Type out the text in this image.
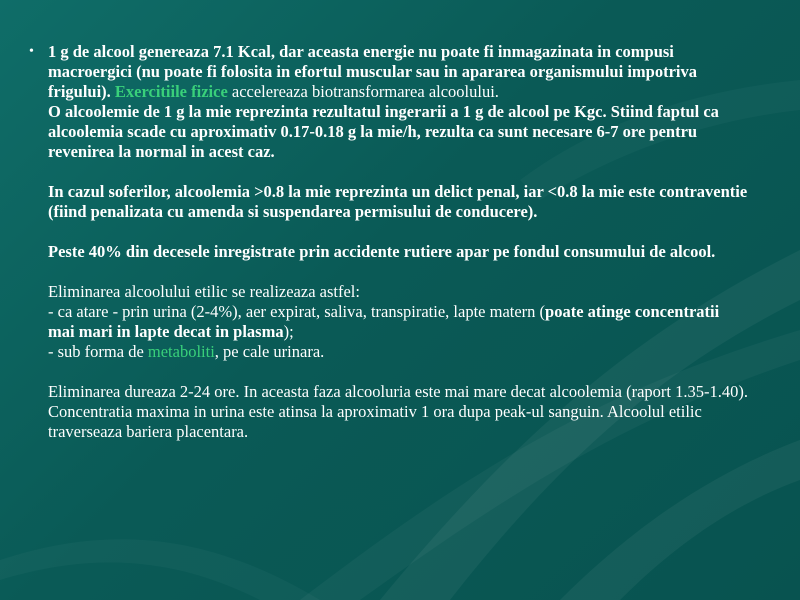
• 1 g de alcool genereaza 7.1 Kcal, dar aceasta energie nu poate fi inmagazinata in compusi macroergici (nu poate fi folosita in efortul muscular sau in apararea organismului impotriva frigului). Exercitiile fizice accelereaza biotransformarea alcoolului.

O alcoolemie de 1 g la mie reprezinta rezultatul ingerarii a 1 g de alcool pe Kgc. Stiind faptul ca alcoolemia scade cu aproximativ 0.17-0.18 g la mie/h, rezulta ca sunt necesare 6-7 ore pentru revenirea la normal in acest caz.

In cazul soferilor, alcoolemia >0.8 la mie reprezinta un delict penal, iar <0.8 la mie este contraventie (fiind penalizata cu amenda si suspendarea permisului de conducere).

Peste 40% din decesele inregistrate prin accidente rutiere apar pe fondul consumului de alcool.

Eliminarea alcoolului etilic se realizeaza astfel:

- ca atare - prin urina (2-4%), aer expirat, saliva, transpiratie, lapte matern (poate atinge concentratii mai mari in lapte decat in plasma);

- sub forma de metaboliti, pe cale urinara.

Eliminarea dureaza 2-24 ore. In aceasta faza alcooluria este mai mare decat alcoolemia (raport 1.35-1.40). Concentratia maxima in urina este atinsa la aproximativ 1 ora dupa peak-ul sanguin. Alcoolul etilic traverseaza bariera placentara.
